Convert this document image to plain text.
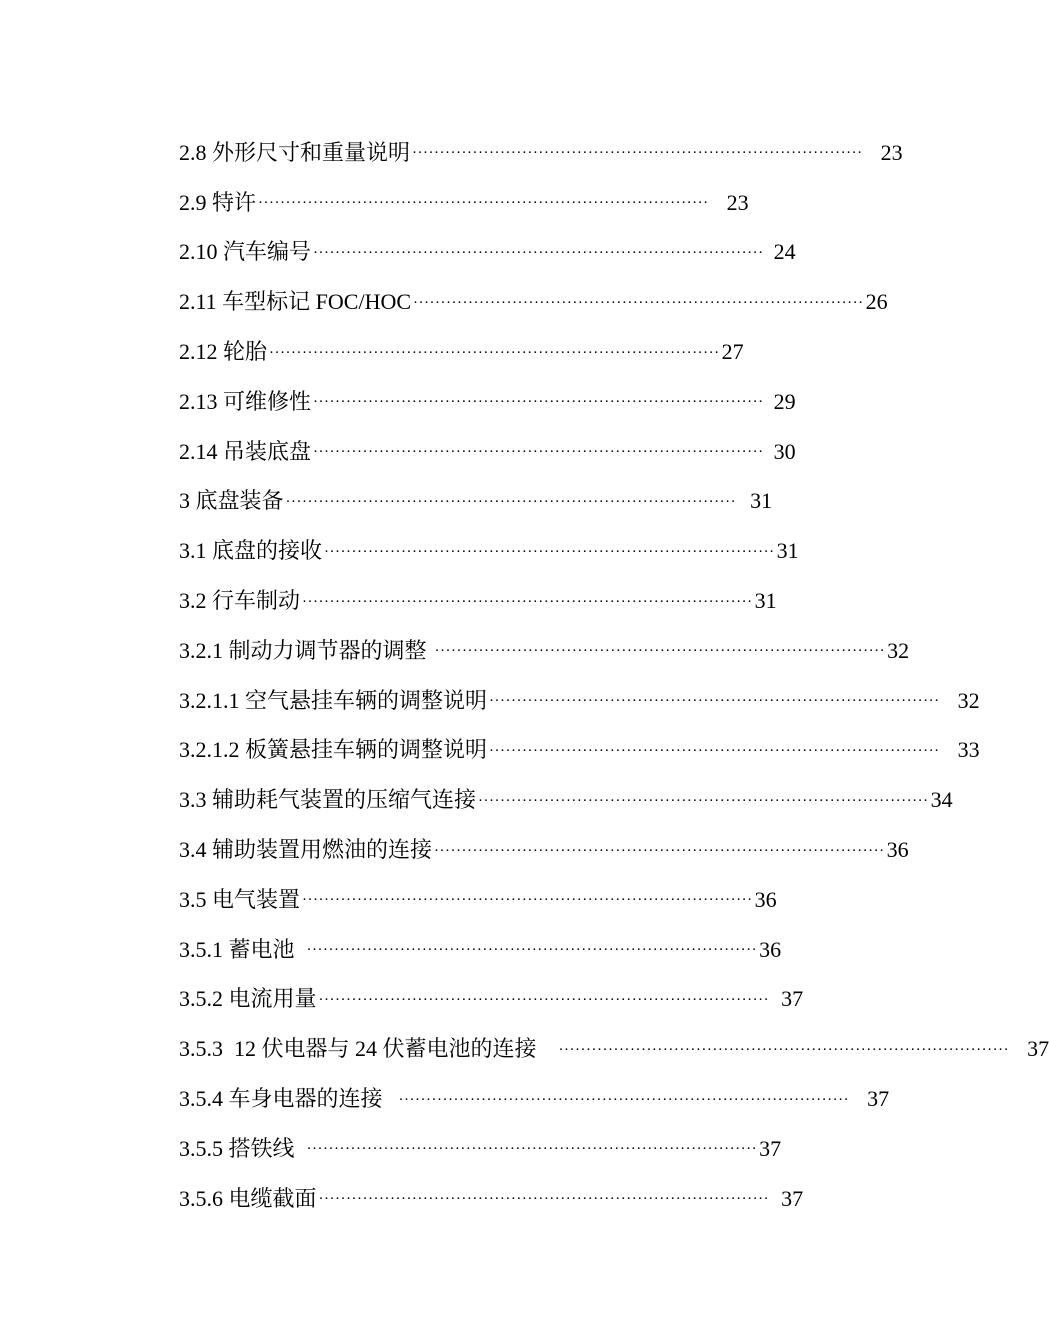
2.8 外形尺寸和重量说明 ·················································································· 23
2.9 特许 ·················································································· 23
2.10 汽车编号 ·················································································· 24
2.11 车型标记 FOC/HOC ·················································································· 26
2.12 轮胎 ·················································································· 27
2.13 可维修性 ·················································································· 29
2.14 吊装底盘 ·················································································· 30
3 底盘装备 ·················································································· 31
3.1 底盘的接收 ·················································································· 31
3.2 行车制动 ·················································································· 31
3.2.1 制动力调节器的调整 ·················································································· 32
3.2.1.1 空气悬挂车辆的调整说明 ·················································································· 32
3.2.1.2 板簧悬挂车辆的调整说明 ·················································································· 33
3.3 辅助耗气装置的压缩气连接 ·················································································· 34
3.4 辅助装置用燃油的连接 ·················································································· 36
3.5 电气装置 ·················································································· 36
3.5.1 蓄电池 ·················································································· 36
3.5.2 电流用量 ·················································································· 37
3.5.3  12 伏电器与 24 伏蓄电池的连接 ·················································································· 37
3.5.4 车身电器的连接 ·················································································· 37
3.5.5 搭铁线 ·················································································· 37
3.5.6 电缆截面 ·················································································· 37
